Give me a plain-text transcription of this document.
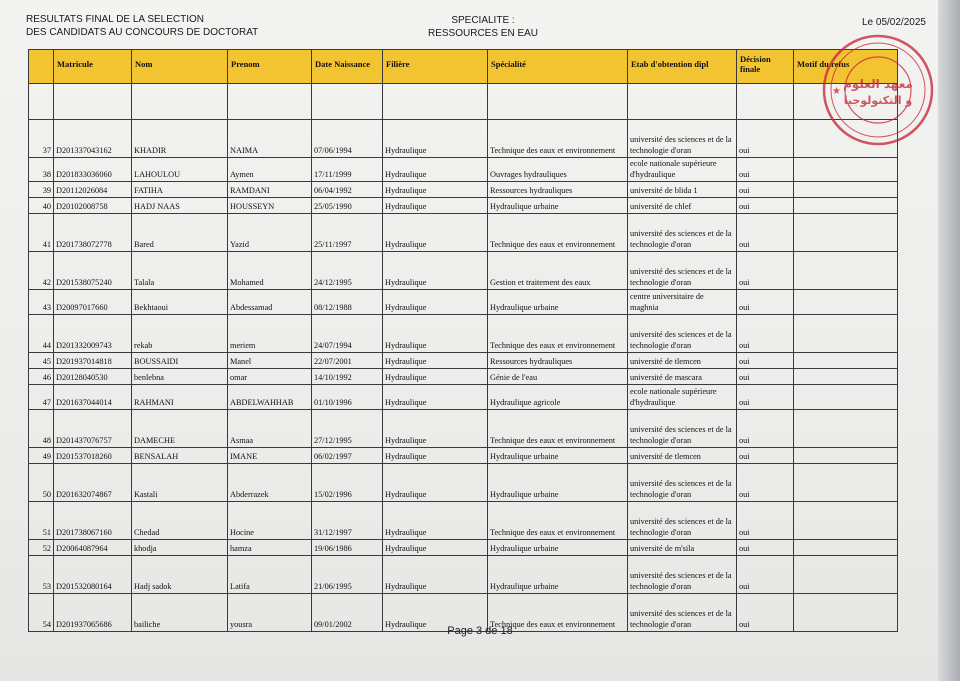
RESULTATS FINAL DE LA SELECTION
DES CANDIDATS AU CONCOURS DE DOCTORAT
SPECIALITE :
RESSOURCES EN EAU
Le 05/02/2025
	Matricule	Nom	Prenom	Date Naissance	Filière	Spécialité	Etab d'obtention dipl	Décision finale	Motif du refus

37	D201337043162	KHADIR	NAIMA	07/06/1994	Hydraulique	Technique des eaux et environnement	université des sciences et de la technologie d'oran	oui	
38	D201833036060	LAHOULOU	Aymen	17/11/1999	Hydraulique	Ouvrages hydrauliques	ecole nationale supérieure d'hydraulique	oui	
39	D20112026084	FATIHA	RAMDANI	06/04/1992	Hydraulique	Ressources hydrauliques	université de blida 1	oui	
40	D20102008758	HADJ NAAS	HOUSSEYN	25/05/1990	Hydraulique	Hydraulique urbaine	université de chlef	oui	
41	D201738072778	Bared	Yazid	25/11/1997	Hydraulique	Technique des eaux et environnement	université des sciences et de la technologie d'oran	oui	
42	D201538075240	Talala	Mohamed	24/12/1995	Hydraulique	Gestion et traitement des eaux	université des sciences et de la technologie d'oran	oui	
43	D20097017660	Bekhtaoui	Abdessamad	08/12/1988	Hydraulique	Hydraulique urbaine	centre universitaire de maghnia	oui	
44	D201332009743	rekab	meriem	24/07/1994	Hydraulique	Technique des eaux et environnement	université des sciences et de la technologie d'oran	oui	
45	D201937014818	BOUSSAIDI	Manel	22/07/2001	Hydraulique	Ressources hydrauliques	université de tlemcen	oui	
46	D20128040530	benlebna	omar	14/10/1992	Hydraulique	Génie de l'eau	université de mascara	oui	
47	D201637044014	RAHMANI	ABDELWAHHAB	01/10/1996	Hydraulique	Hydraulique agricole	ecole nationale supérieure d'hydraulique	oui	
48	D201437076757	DAMECHE	Asmaa	27/12/1995	Hydraulique	Technique des eaux et environnement	université des sciences et de la technologie d'oran	oui	
49	D201537018260	BENSALAH	IMANE	06/02/1997	Hydraulique	Hydraulique urbaine	université de tlemcen	oui	
50	D201632074867	Kastali	Abderrazek	15/02/1996	Hydraulique	Hydraulique urbaine	université des sciences et de la technologie d'oran	oui	
51	D201738067160	Chedad	Hocine	31/12/1997	Hydraulique	Technique des eaux et environnement	université des sciences et de la technologie d'oran	oui	
52	D20064087964	khodja	hamza	19/06/1986	Hydraulique	Hydraulique urbaine	université de m'sila	oui	
53	D201532080164	Hadj sadok	Latifa	21/06/1995	Hydraulique	Hydraulique urbaine	université des sciences et de la technologie d'oran	oui	
54	D201937065686	bailiche	yousra	09/01/2002	Hydraulique	Technique des eaux et environnement	université des sciences et de la technologie d'oran	oui	
معهد العلوم
و التكنولوجيا
★
Page 3 de 18
